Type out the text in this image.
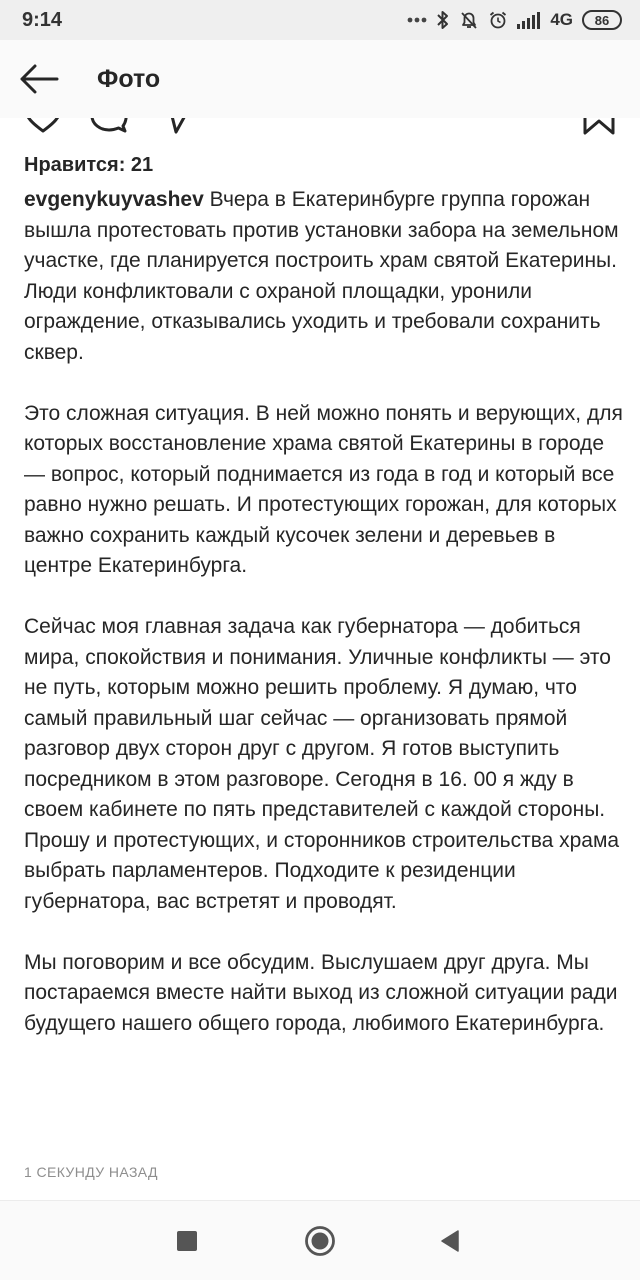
9:14	4G 86
Фото
Нравится: 21

evgenykuyvashev Вчера в Екатеринбурге группа горожан вышла протестовать против установки забора на земельном участке, где планируется построить храм святой Екатерины. Люди конфликтовали с охраной площадки, уронили ограждение, отказывались уходить и требовали сохранить сквер.

Это сложная ситуация. В ней можно понять и верующих, для которых восстановление храма святой Екатерины в городе — вопрос, который поднимается из года в год и который все равно нужно решать. И протестующих горожан, для которых важно сохранить каждый кусочек зелени и деревьев в центре Екатеринбурга.

Сейчас моя главная задача как губернатора — добиться мира, спокойствия и понимания. Уличные конфликты — это не путь, которым можно решить проблему. Я думаю, что самый правильный шаг сейчас — организовать прямой разговор двух сторон друг с другом. Я готов выступить посредником в этом разговоре. Сегодня в 16. 00 я жду в своем кабинете по пять представителей с каждой стороны. Прошу и протестующих, и сторонников строительства храма выбрать парламентеров. Подходите к резиденции губернатора, вас встретят и проводят.

Мы поговорим и все обсудим. Выслушаем друг друга. Мы постараемся вместе найти выход из сложной ситуации ради будущего нашего общего города, любимого Екатеринбурга.

1 СЕКУНДУ НАЗАД
